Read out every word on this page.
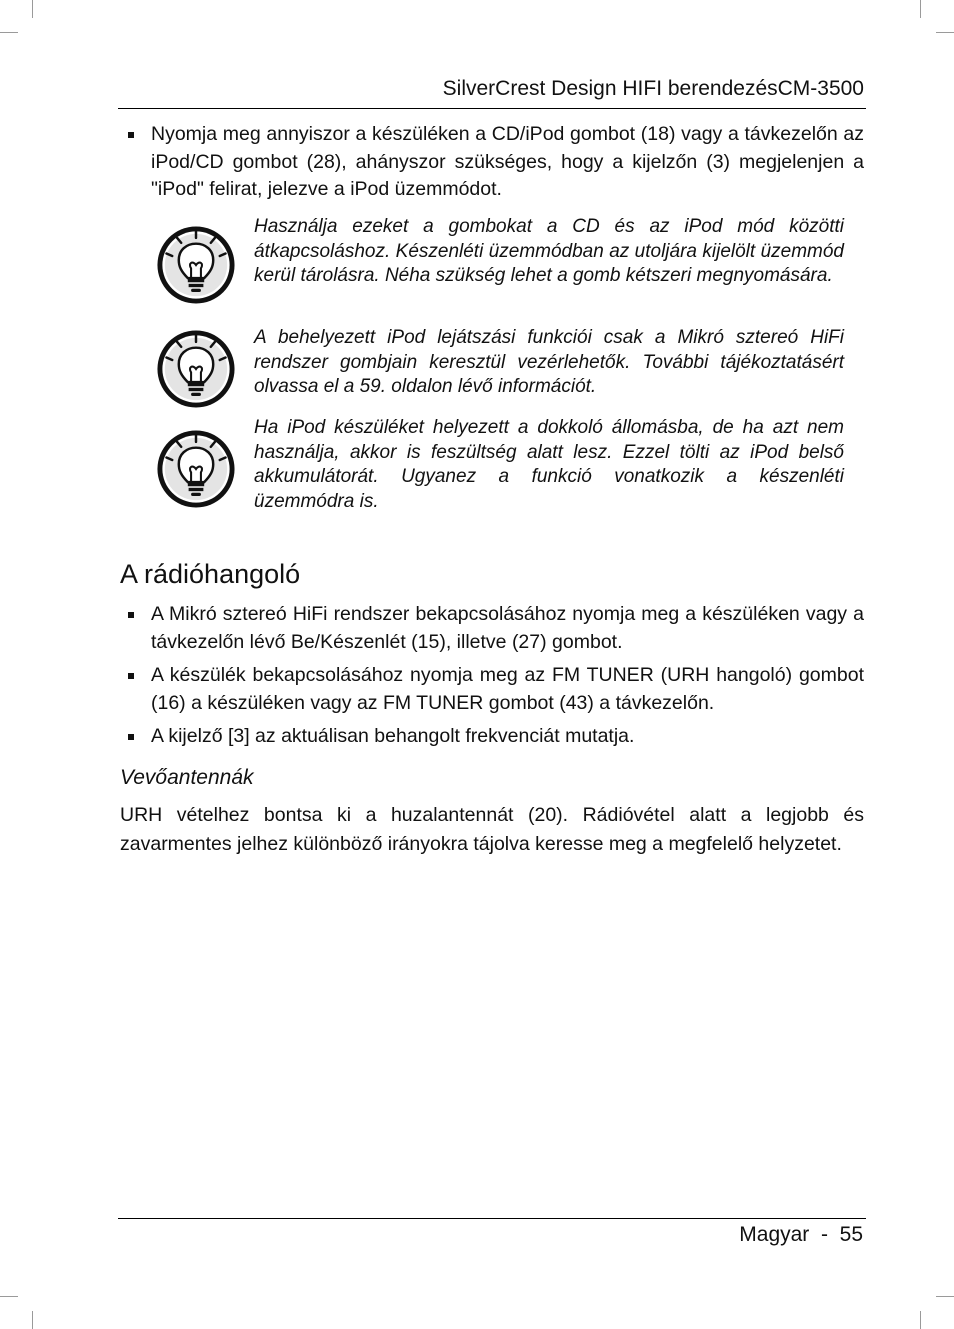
SilverCrest Design HIFI berendezésCM-3500
Nyomja meg annyiszor a készüléken a CD/iPod gombot (18) vagy a távkezelőn az iPod/CD gombot (28), ahányszor szükséges, hogy a kijelzőn (3) megjelenjen a "iPod" felirat, jelezve a iPod üzemmódot.
Használja ezeket a gombokat a CD és az iPod mód közötti átkapcsoláshoz. Készenléti üzemmódban az utoljára kijelölt üzemmód kerül tárolásra. Néha szükség lehet a gomb kétszeri megnyomására.
A behelyezett iPod lejátszási funkciói csak a Mikró sztereó HiFi rendszer gombjain keresztül vezérlehetők. További tájékoztatásért olvassa el a 59. oldalon lévő információt.
Ha iPod készüléket helyezett a dokkoló állomásba, de ha azt nem használja, akkor is feszültség alatt lesz. Ezzel tölti az iPod belső akkumulátorát. Ugyanez a funkció vonatkozik a készenléti üzemmódra is.
A rádióhangoló
A Mikró sztereó HiFi rendszer bekapcsolásához nyomja meg a készüléken vagy a távkezelőn lévő Be/Készenlét (15), illetve (27) gombot.
A készülék bekapcsolásához nyomja meg az FM TUNER (URH hangoló) gombot (16) a készüléken vagy az FM TUNER gombot (43) a távkezelőn.
A kijelző [3] az aktuálisan behangolt frekvenciát mutatja.
Vevőantennák
URH vételhez bontsa ki a huzalantennát (20). Rádióvétel alatt a legjobb és zavarmentes jelhez különböző irányokra tájolva keresse meg a megfelelő helyzetet.
Magyar  -  55
